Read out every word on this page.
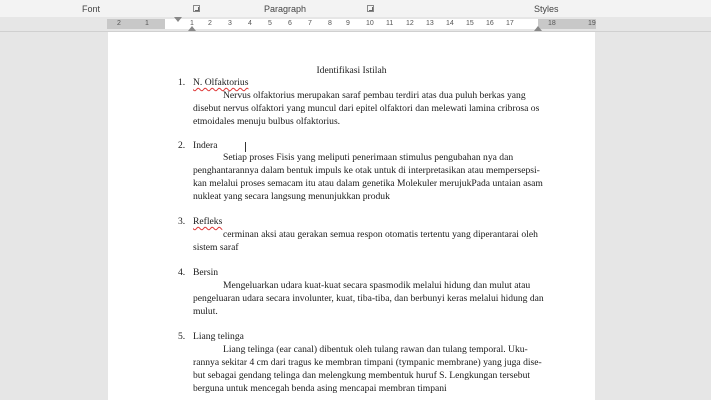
Font	Paragraph	Styles
2	1	1 2 3 4 5 6 7 8 9 10 11 12 13 14 15 16 17	18	19
Identifikasi Istilah
1. N. Olfaktorius
Nervus olfaktorius merupakan saraf pembau terdiri atas dua puluh berkas yang
disebut nervus olfaktori yang muncul dari epitel olfaktori dan melewati lamina cribrosa os
etmoidales menuju bulbus olfaktorius.
2. Indera
Setiap proses Fisis yang meliputi penerimaan stimulus pengubahan nya dan
penghantarannya dalam bentuk impuls ke otak untuk di interpretasikan atau mempersepsi-
kan melalui proses semacam itu atau dalam genetika Molekuler merujukPada untaian asam
nukleat yang secara langsung menunjukkan produk
3. Refleks
cerminan aksi atau gerakan semua respon otomatis tertentu yang diperantarai oleh
sistem saraf
4. Bersin
Mengeluarkan udara kuat-kuat secara spasmodik melalui hidung dan mulut atau
pengeluaran udara secara involunter, kuat, tiba-tiba, dan berbunyi keras melalui hidung dan
mulut.
5. Liang telinga
Liang telinga (ear canal) dibentuk oleh tulang rawan dan tulang temporal. Uku-
rannya sekitar 4 cm dari tragus ke membran timpani (tympanic membrane) yang juga dise-
but sebagai gendang telinga dan melengkung membentuk huruf S. Lengkungan tersebut
berguna untuk mencegah benda asing mencapai membran timpani
